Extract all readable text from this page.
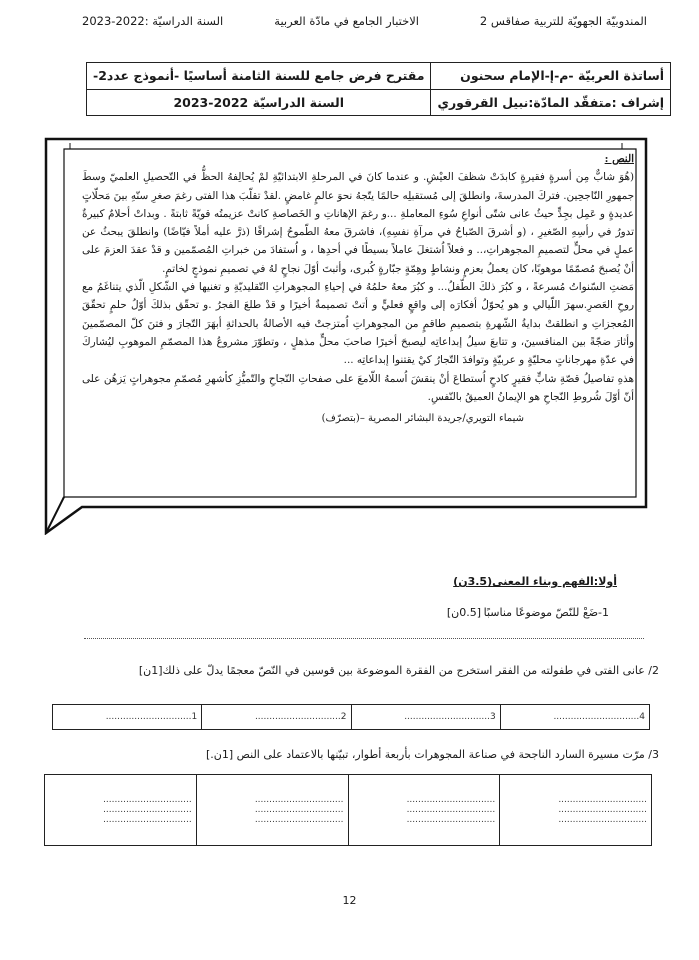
المندوبيّة الجهويّة للتربية صفاقس 2
الاختبار الجامع في مادّة العربية
السنة الدراسيّة :2022-2023
أساتذة العربيّة -م-إ-الإمام سحنون	مقترح فرض جامع للسنة الثامنة أساسيًا -أنموذج عدد2-
إشراف :متفقّد المادّة:نبيل القرقوري	السنة الدراسيّة 2022-2023
النص :

(هُوَ شابٌّ مِن أسرةٍ فقيرةٍ كابدَتْ شظفَ العيْشِ. و عندما كانَ في المرحلةِ الابتدائيّةِ لمْ يُحالِفهُ الحظُّ في التّحصيلِ العلميّ وسطَ جمهورِ النّاجحِين. فتركَ المدرسةَ، وانطلقَ إلى مُستقبلِه حالمًا يتّجهُ نحوَ عالمٍ غامضٍ .لقدْ تقلّبَ هذا الفتى رغمَ صغرِ سنّهِ بينَ مَحلّاتٍ عديدةٍ و عَمِل بجِدٍّ حيثُ عانى شتّى أنواعِ سُوءِ المعاملةِ ...و رغمَ الإهاناتِ و الخَصاصةِ كانتْ عزيمتُه قويّةً ثابتةً . وبداتْ أحلامٌ كبيرةٌ تدورُ في رأسِهِ الصّغيرِ ، (و أشرقَ الصّباحُ في مرآةِ نفسِهِ)، فاشرقَ معهُ الطّموحُ إشراقًا (ذرَّ عليه أملاً فيّاضًا) وانطلقَ يبحثُ عن عملٍ في محلٍّ لتصميمِ المجوهراتِ،.. و فعلاً اُشتغلَ عاملاً بسيطًا في أحدِها ، و اُستفادَ من خبراتِ المُصمّمين و قدْ عقدَ العزمَ على أنْ يُصبحَ مُصمّمًا موهوبًا، كان يعملُ بعزمٍ ونشاطٍ وهِمّةٍ جبّارةٍ كُبرى، وأثبتَ أوّلَ نجاحٍ لهُ في تصميمِ نموذجٍ لخاتمٍ.

مَضتِ السّنواتُ مُسرعةً ، و كبُرَ ذلكَ الطّفلُ... و كبُرَ معهُ حلمُهُ في إحياءِ المجوهراتِ التّقليديّةِ و تغنيها في الشّكلِ الّذي يتناغَمُ مع روحِ العَصرِ.سهرَ اللّيالي و هو يُحوّلُ أفكارَه إلى واقعٍ فعليٍّ و أتتْ تصميمةٌ أخيرًا و قدْ طلعَ الفجرُ .و تحقّق بذلكَ أوّلُ حلمٍ تحقّقَ المُعجزاتِ و انطلقتْ بدايةُ الشّهرةِ بتصميمِ طاقمٍ من المجوهراتِ اُمتزجتْ فيه الأصالةُ بالحداثةِ أبهَرَ التّجارَ و فتنَ كلّ المصمّمينَ وأثارَ ضجّةً بين المنافسينَ، و تتابعَ سيلُ إبداعاتِه ليصبحَ أخيرًا صاحبَ محلٍّ مذهلٍ ، وتطوّرَ مشروعُ هذا المصمّمِ الموهوبِ ليُشاركَ في عدّةِ مهرجاناتٍ محليّةٍ و عربيّةٍ وتوافدَ التّجارُ كيْ يقتنوا إبداعاتِه ...

هذهِ تفاصيلُ قصّةِ شابٍّ فقيرٍ كادحٍ اُستطاعَ أنْ ينقشَ اُسمهُ اللّامعَ على صفحاتِ النّجاحِ والتّميُّزِ كأشهرِ مُصمّمِ مجوهراتٍ يَزهُن على أنّ أوّلَ شُروطِ النّجاحِ هو الإيمانُ العميقُ بالنّفسِ.

شيماء التويري/جريدة البشائر المصرية –(بتصرّف)
أولا:الفهم وبناء المعنى(3.5ن)
1-ضَعْ للنّصّ موضوعًا مناسبًا
[0.5ن]
2/ عانى الفتى في طفولته من الفقر استخرج من الفقرة الموضوعة بين قوسين في النّصّ معجمًا يدلّ على ذلك[1ن]
4..............................	3..............................	2..............................	1..............................
3/ مرّت مسيرة السارد الناجحة في صناعة المجوهرات بأربعة أطوار، تبيّنها بالاعتماد على النص [1ن.]
...............................
...............................
...............................

...............................
...............................
...............................

...............................
...............................
...............................

...............................
...............................
...............................
12
